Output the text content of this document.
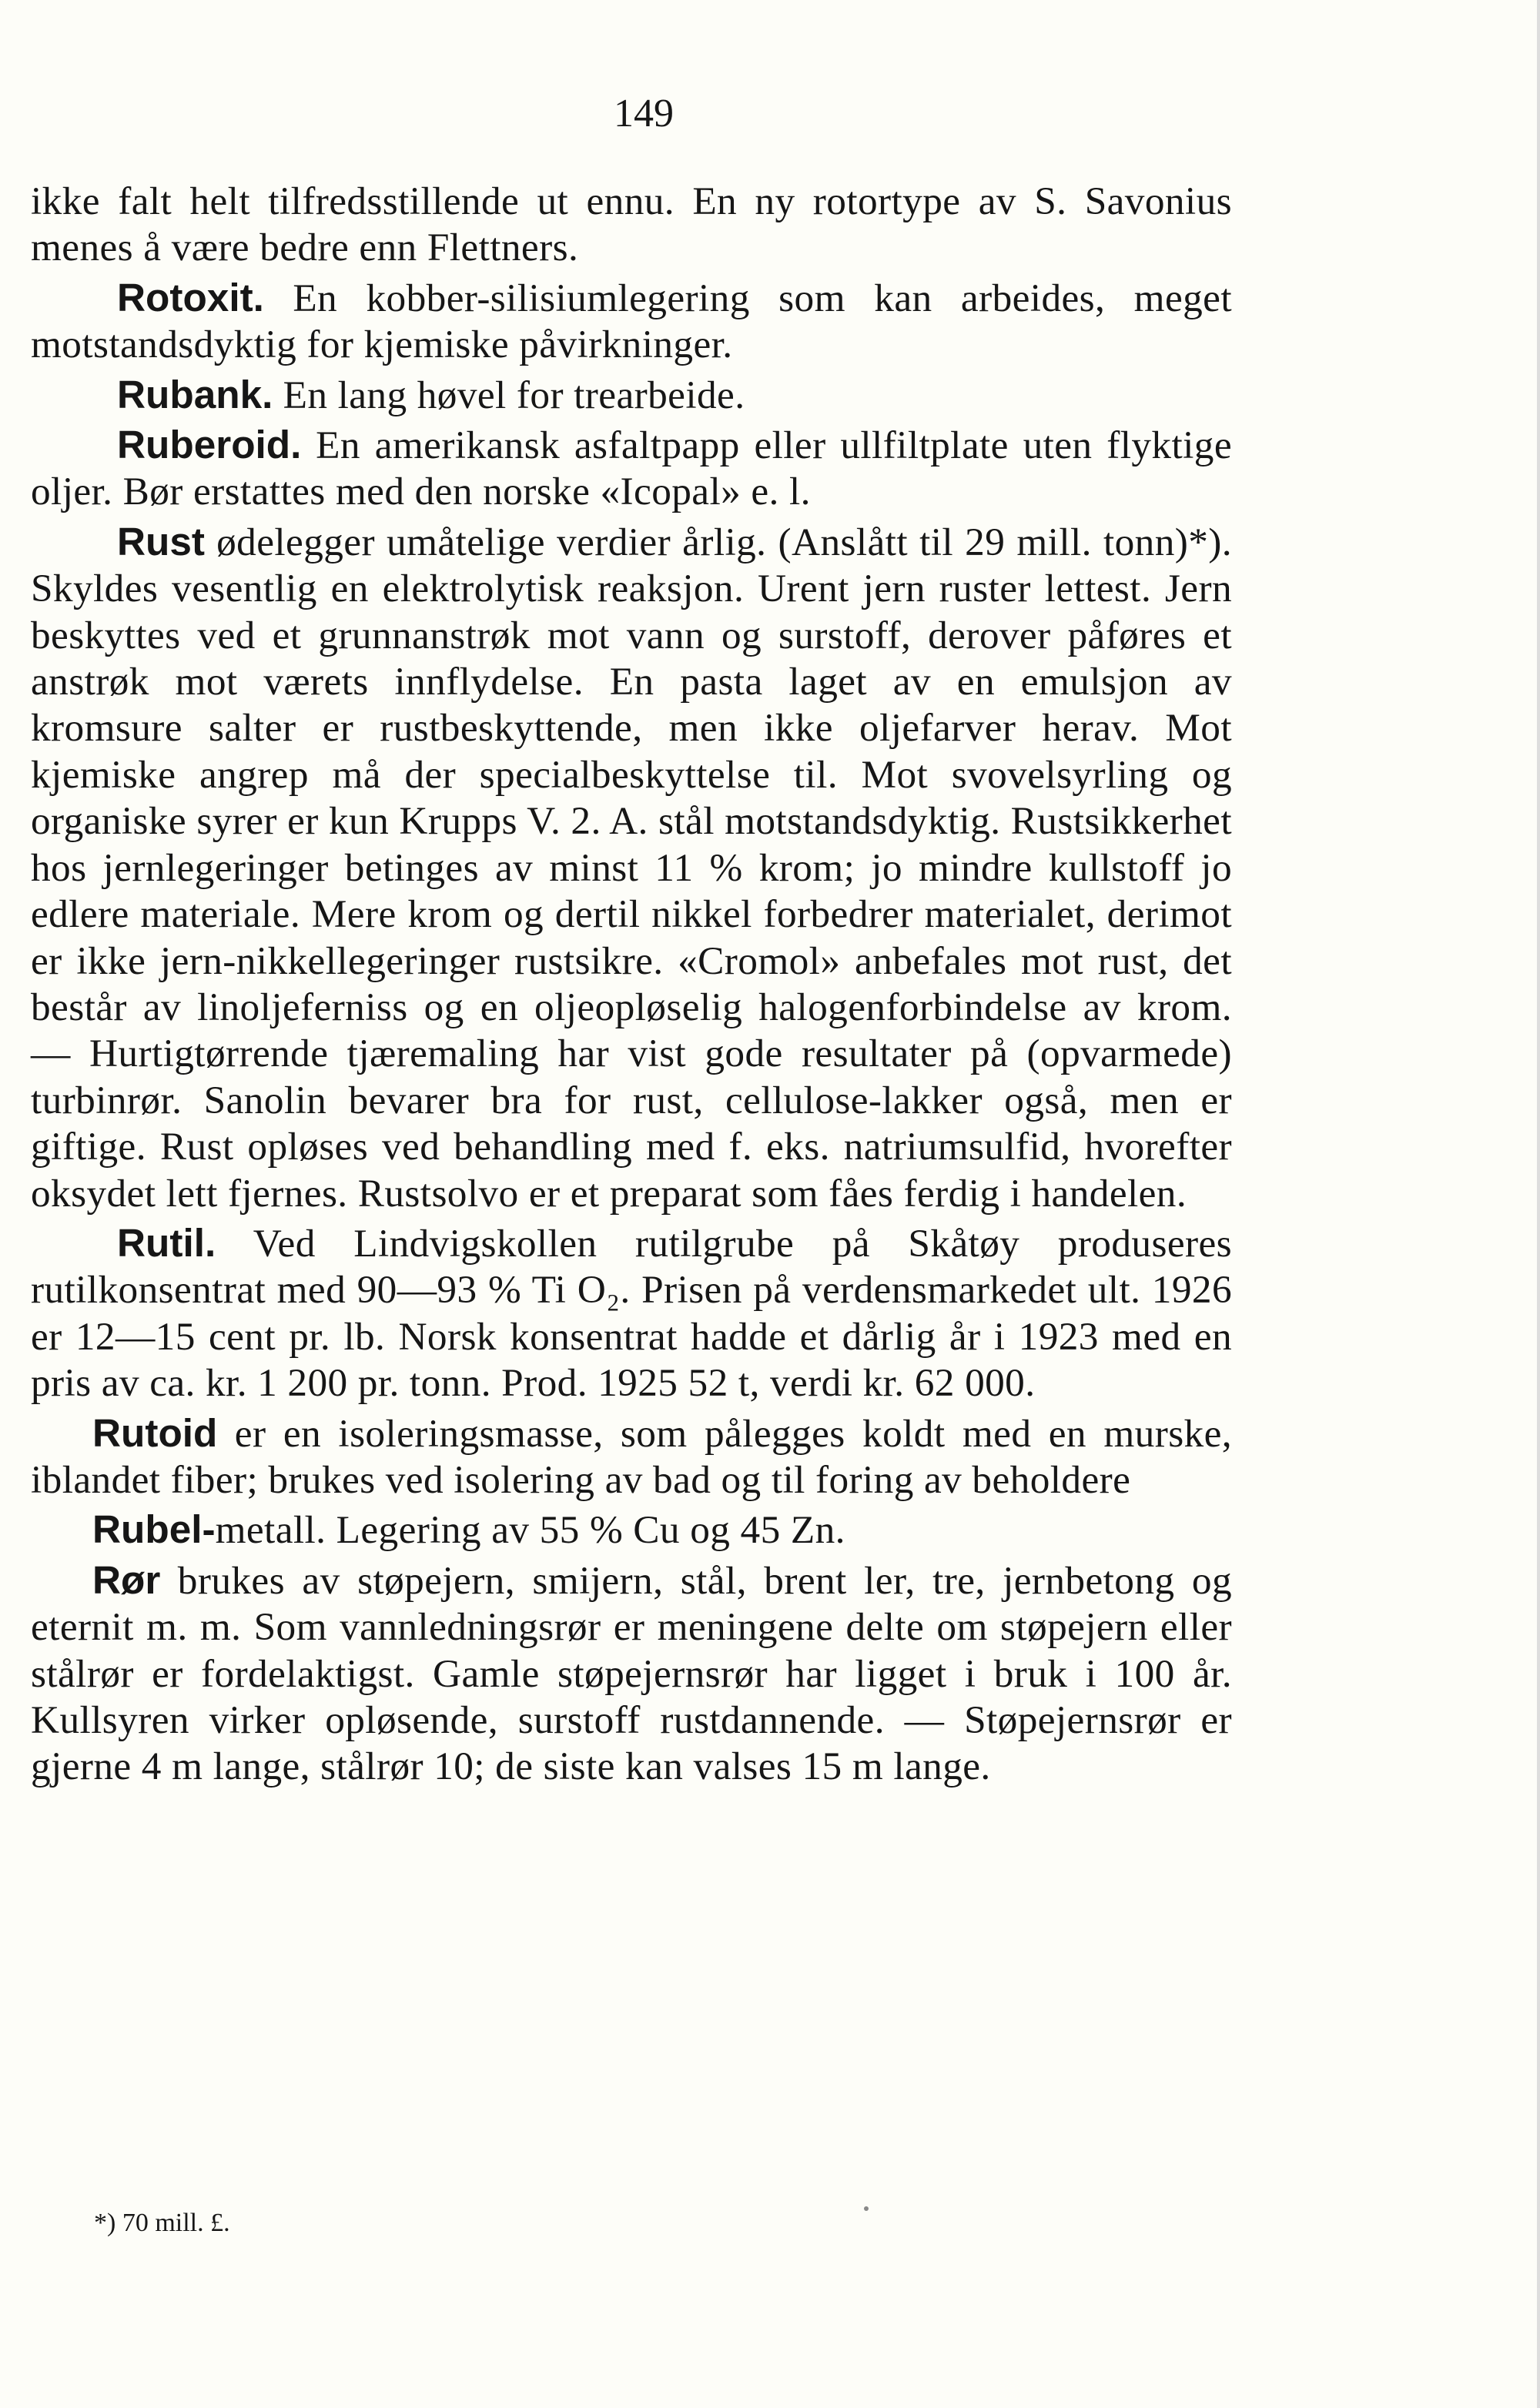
149

ikke falt helt tilfredsstillende ut ennu. En ny rotortype av S. Savonius menes å være bedre enn Flettners.

Rotoxit. En kobber-silisiumlegering som kan arbeides, meget motstandsdyktig for kjemiske påvirkninger.

Rubank. En lang høvel for trearbeide.

Ruberoid. En amerikansk asfaltpapp eller ullfiltplate uten flyktige oljer. Bør erstattes med den norske «Icopal» e. l.

Rust ødelegger umåtelige verdier årlig. (Anslått til 29 mill. tonn)*). Skyldes vesentlig en elektrolytisk reaksjon. Urent jern ruster lettest. Jern beskyttes ved et grunnanstrøk mot vann og surstoff, derover påføres et anstrøk mot værets innflydelse. En pasta laget av en emulsjon av kromsure salter er rustbeskyttende, men ikke oljefarver herav. Mot kjemiske angrep må der specialbeskyttelse til. Mot svovelsyrling og organiske syrer er kun Krupps V. 2. A. stål motstandsdyktig. Rustsikkerhet hos jernlegeringer betinges av minst 11 % krom; jo mindre kullstoff jo edlere materiale. Mere krom og dertil nikkel forbedrer materialet, derimot er ikke jern-nikkellegeringer rustsikre. «Cromol» anbefales mot rust, det består av linoljeferniss og en oljeopløselig halogenforbindelse av krom. — Hurtigtørrende tjæremaling har vist gode resultater på (opvarmede) turbinrør. Sanolin bevarer bra for rust, cellulose-lakker også, men er giftige. Rust opløses ved behandling med f. eks. natriumsulfid, hvorefter oksydet lett fjernes. Rustsolvo er et preparat som fåes ferdig i handelen.

Rutil. Ved Lindvigskollen rutilgrube på Skåtøy produseres rutilkonsentrat med 90—93 % Ti O₂. Prisen på verdensmarkedet ult. 1926 er 12—15 cent pr. lb. Norsk konsentrat hadde et dårlig år i 1923 med en pris av ca. kr. 1 200 pr. tonn. Prod. 1925 52 t, verdi kr. 62 000.

Rutoid er en isoleringsmasse, som pålegges koldt med en murske, iblandet fiber; brukes ved isolering av bad og til foring av beholdere

Rubel-metall. Legering av 55 % Cu og 45 Zn.

Rør brukes av støpejern, smijern, stål, brent ler, tre, jernbetong og eternit m. m. Som vannledningsrør er meningene delte om støpejern eller stålrør er fordelaktigst. Gamle støpejernsrør har ligget i bruk i 100 år. Kullsyren virker opløsende, surstoff rustdannende. — Støpejernsrør er gjerne 4 m lange, stålrør 10; de siste kan valses 15 m lange.

*) 70 mill. £.
